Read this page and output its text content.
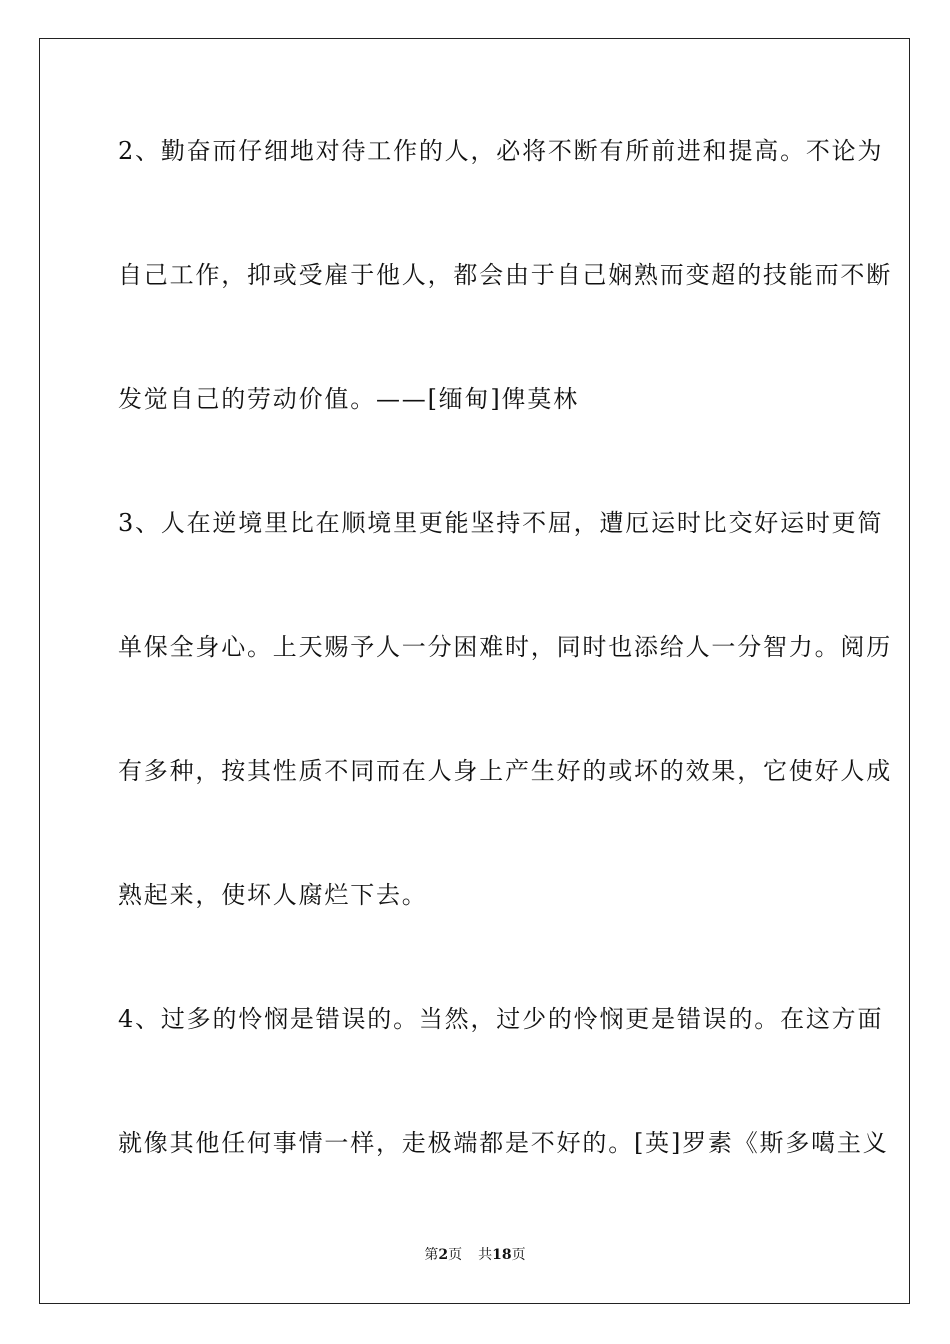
2、勤奋而仔细地对待工作的人，必将不断有所前进和提高。不论为
自己工作，抑或受雇于他人，都会由于自己娴熟而变超的技能而不断
发觉自己的劳动价值。——[缅甸]俾莫林
3、人在逆境里比在顺境里更能坚持不屈，遭厄运时比交好运时更简
单保全身心。上天赐予人一分困难时，同时也添给人一分智力。阅历
有多种，按其性质不同而在人身上产生好的或坏的效果，它使好人成
熟起来，使坏人腐烂下去。
4、过多的怜悯是错误的。当然，过少的怜悯更是错误的。在这方面
就像其他任何事情一样，走极端都是不好的。[英]罗素《斯多噶主义
第2页 共18页
